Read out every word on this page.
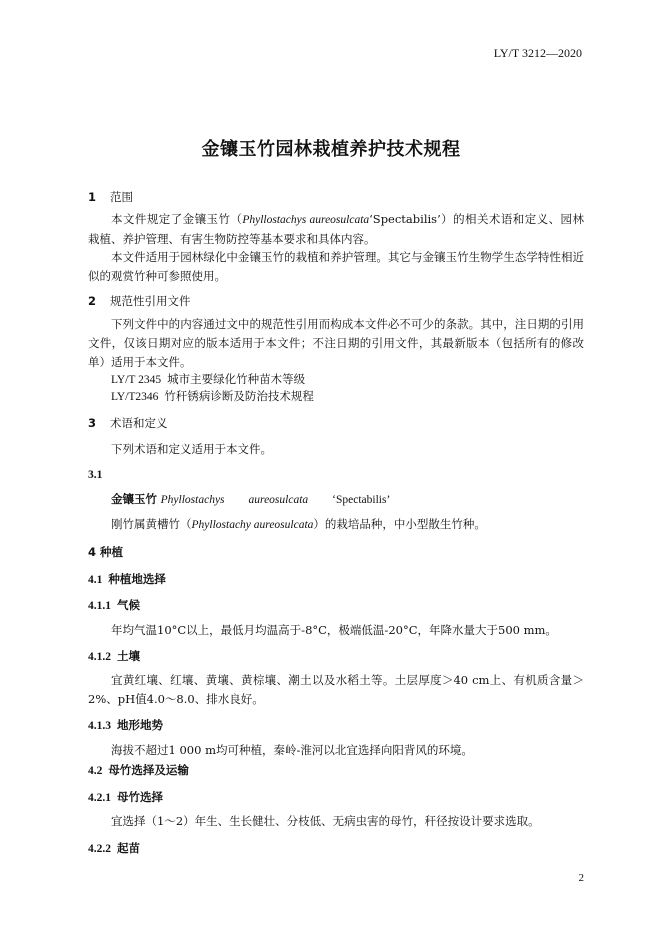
LY/T 3212—2020
金镶玉竹园林栽植养护技术规程
1 范围
本文件规定了金镶玉竹（Phyllostachys aureosulcata‘Spectabilis’）的相关术语和定义、园林栽植、养护管理、有害生物防控等基本要求和具体内容。
本文件适用于园林绿化中金镶玉竹的栽植和养护管理。其它与金镶玉竹生物学生态学特性相近似的观赏竹种可参照使用。
2 规范性引用文件
下列文件中的内容通过文中的规范性引用而构成本文件必不可少的条款。其中，注日期的引用文件，仅该日期对应的版本适用于本文件；不注日期的引用文件，其最新版本（包括所有的修改单）适用于本文件。
LY/T 2345 城市主要绿化竹种苗木等级
LY/T2346 竹秆锈病诊断及防治技术规程
3 术语和定义
下列术语和定义适用于本文件。
3.1
金镶玉竹 Phyllostachys aureosulcata ‘Spectabilis’
刚竹属黄槽竹（Phyllostachy aureosulcata）的栽培品种，中小型散生竹种。
4 种植
4.1 种植地选择
4.1.1 气候
年均气温10°C以上，最低月均温高于-8°C，极端低温-20°C，年降水量大于500 mm。
4.1.2 土壤
宜黄红壤、红壤、黄壤、黄棕壤、潮土以及水稻土等。土层厚度＞40 cm上、有机质含量＞2%、pH值4.0～8.0、排水良好。
4.1.3 地形地势
海拔不超过1 000 m均可种植，秦岭-淮河以北宜选择向阳背风的环境。
4.2 母竹选择及运输
4.2.1 母竹选择
宜选择（1～2）年生、生长健壮、分枝低、无病虫害的母竹，秆径按设计要求选取。
4.2.2 起苗
2
